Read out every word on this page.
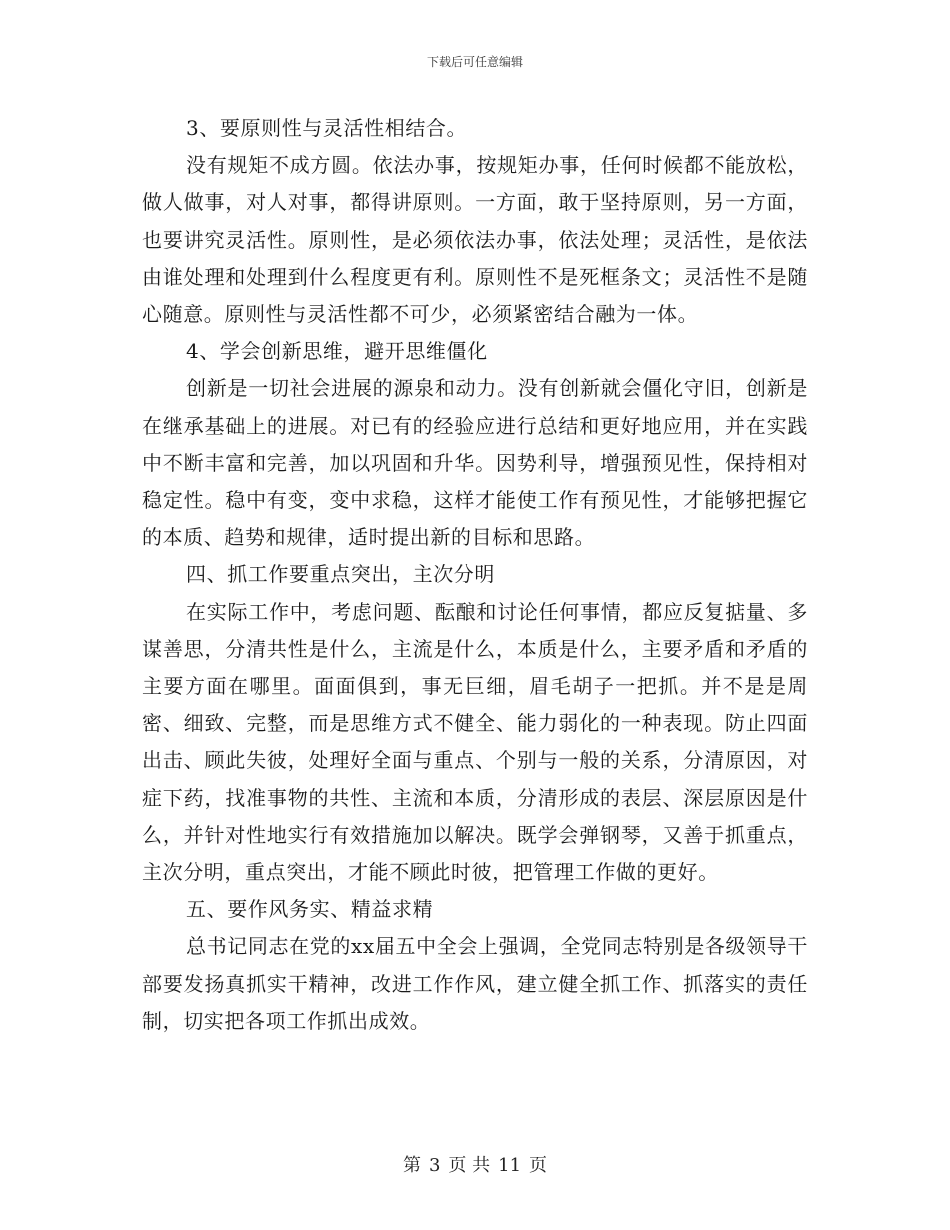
下载后可任意编辑

3、要原则性与灵活性相结合。

没有规矩不成方圆。依法办事，按规矩办事，任何时候都不能放松，做人做事，对人对事，都得讲原则。一方面，敢于坚持原则，另一方面，也要讲究灵活性。原则性，是必须依法办事，依法处理；灵活性，是依法由谁处理和处理到什么程度更有利。原则性不是死框条文；灵活性不是随心随意。原则性与灵活性都不可少，必须紧密结合融为一体。

4、学会创新思维，避开思维僵化

创新是一切社会进展的源泉和动力。没有创新就会僵化守旧，创新是在继承基础上的进展。对已有的经验应进行总结和更好地应用，并在实践中不断丰富和完善，加以巩固和升华。因势利导，增强预见性，保持相对稳定性。稳中有变，变中求稳，这样才能使工作有预见性，才能够把握它的本质、趋势和规律，适时提出新的目标和思路。

四、抓工作要重点突出，主次分明

在实际工作中，考虑问题、酝酿和讨论任何事情，都应反复掂量、多谋善思，分清共性是什么，主流是什么，本质是什么，主要矛盾和矛盾的主要方面在哪里。面面俱到，事无巨细，眉毛胡子一把抓。并不是是周密、细致、完整，而是思维方式不健全、能力弱化的一种表现。防止四面出击、顾此失彼，处理好全面与重点、个别与一般的关系，分清原因，对症下药，找准事物的共性、主流和本质，分清形成的表层、深层原因是什么，并针对性地实行有效措施加以解决。既学会弹钢琴，又善于抓重点，主次分明，重点突出，才能不顾此时彼，把管理工作做的更好。

五、要作风务实、精益求精

总书记同志在党的xx届五中全会上强调，全党同志特别是各级领导干部要发扬真抓实干精神，改进工作作风，建立健全抓工作、抓落实的责任制，切实把各项工作抓出成效。

第 3 页 共 11 页
